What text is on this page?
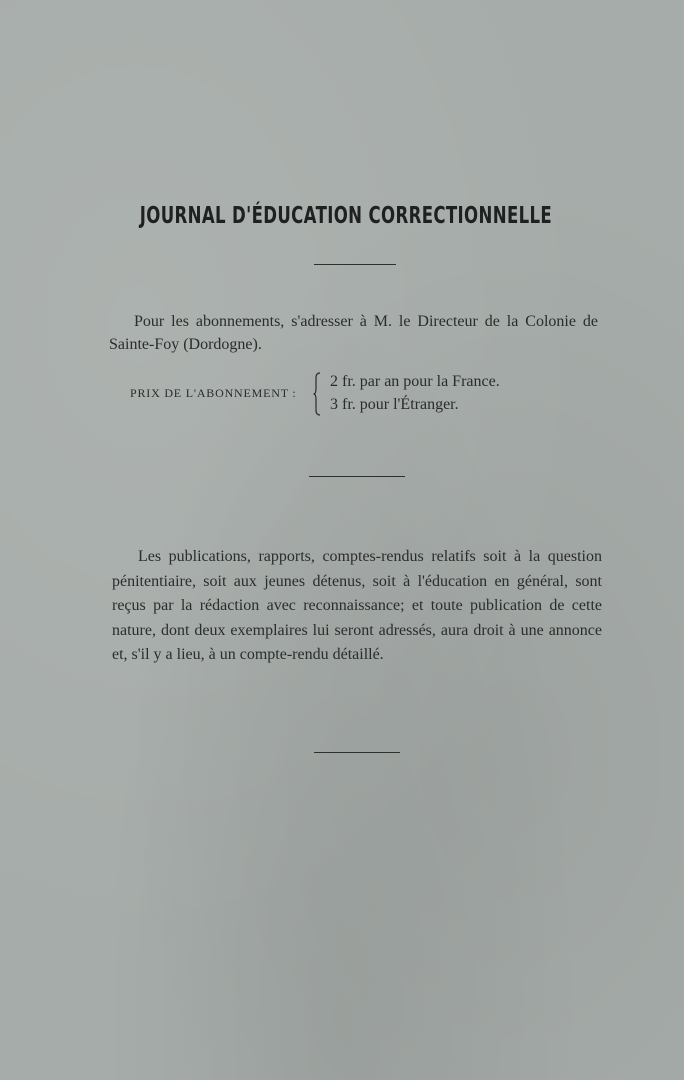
JOURNAL D'ÉDUCATION CORRECTIONNELLE

Pour les abonnements, s'adresser à M. le Directeur de la Colonie de Sainte-Foy (Dordogne).

PRIX DE L'ABONNEMENT :
2 fr. par an pour la France.
3 fr. pour l'Étranger.

Les publications, rapports, comptes-rendus relatifs soit à la question pénitentiaire, soit aux jeunes détenus, soit à l'éducation en général, sont reçus par la rédaction avec reconnaissance; et toute publication de cette nature, dont deux exemplaires lui seront adressés, aura droit à une annonce et, s'il y a lieu, à un compte-rendu détaillé.
